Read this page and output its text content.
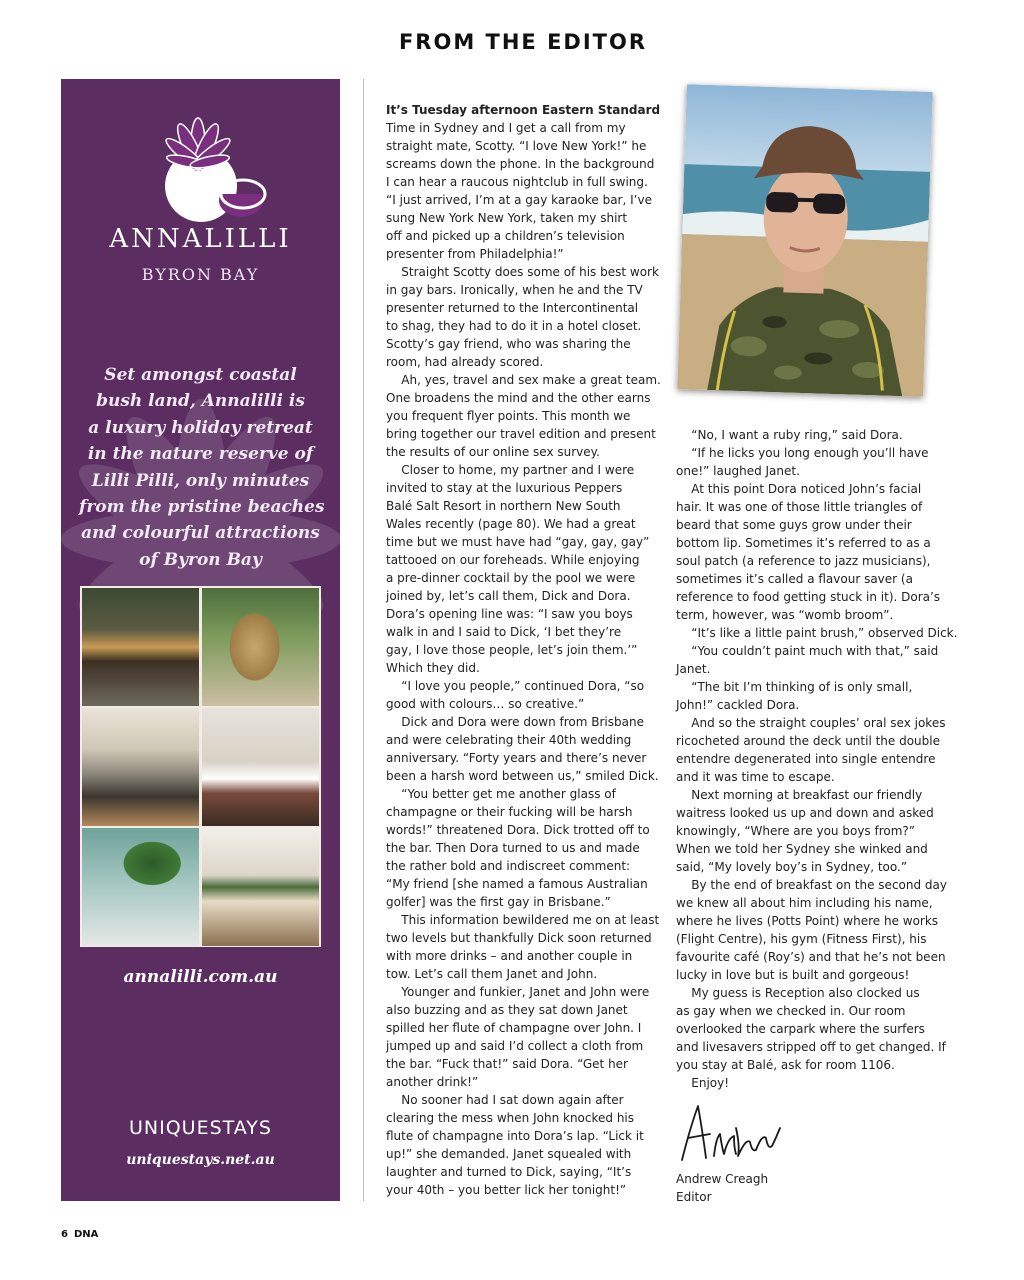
FROM THE EDITOR
ANNALILLI
BYRON BAY
Set amongst coastal
bush land, Annalilli is
a luxury holiday retreat
in the nature reserve of
Lilli Pilli, only minutes
from the pristine beaches
and colourful attractions
of Byron Bay
annalilli.com.au
UNIQUESTAYS
uniquestays.net.au

It’s Tuesday afternoon Eastern Standard

Time in Sydney and I get a call from my

straight mate, Scotty. “I love New York!” he

screams down the phone. In the background

I can hear a raucous nightclub in full swing.

“I just arrived, I’m at a gay karaoke bar, I’ve

sung New York New York, taken my shirt

off and picked up a children’s television

presenter from Philadelphia!”

Straight Scotty does some of his best work

in gay bars. Ironically, when he and the TV

presenter returned to the Intercontinental

to shag, they had to do it in a hotel closet.

Scotty’s gay friend, who was sharing the

room, had already scored.

Ah, yes, travel and sex make a great team.

One broadens the mind and the other earns

you frequent flyer points. This month we

bring together our travel edition and present

the results of our online sex survey.

Closer to home, my partner and I were

invited to stay at the luxurious Peppers

Balé Salt Resort in northern New South

Wales recently (page 80). We had a great

time but we must have had “gay, gay, gay”

tattooed on our foreheads. While enjoying

a pre-dinner cocktail by the pool we were

joined by, let’s call them, Dick and Dora.

Dora’s opening line was: “I saw you boys

walk in and I said to Dick, ‘I bet they’re

gay, I love those people, let’s join them.’”

Which they did.

“I love you people,” continued Dora, “so

good with colours… so creative.”

Dick and Dora were down from Brisbane

and were celebrating their 40th wedding

anniversary. “Forty years and there’s never

been a harsh word between us,” smiled Dick.

“You better get me another glass of

champagne or their fucking will be harsh

words!” threatened Dora. Dick trotted off to

the bar. Then Dora turned to us and made

the rather bold and indiscreet comment:

“My friend [she named a famous Australian

golfer] was the first gay in Brisbane.”

This information bewildered me on at least

two levels but thankfully Dick soon returned

with more drinks – and another couple in

tow. Let’s call them Janet and John.

Younger and funkier, Janet and John were

also buzzing and as they sat down Janet

spilled her flute of champagne over John. I

jumped up and said I’d collect a cloth from

the bar. “Fuck that!” said Dora. “Get her

another drink!”

No sooner had I sat down again after

clearing the mess when John knocked his

flute of champagne into Dora’s lap. “Lick it

up!” she demanded. Janet squealed with

laughter and turned to Dick, saying, “It’s

your 40th – you better lick her tonight!”

“No, I want a ruby ring,” said Dora.

“If he licks you long enough you’ll have

one!” laughed Janet.

At this point Dora noticed John’s facial

hair. It was one of those little triangles of

beard that some guys grow under their

bottom lip. Sometimes it’s referred to as a

soul patch (a reference to jazz musicians),

sometimes it’s called a flavour saver (a

reference to food getting stuck in it). Dora’s

term, however, was “womb broom”.

“It’s like a little paint brush,” observed Dick.

“You couldn’t paint much with that,” said

Janet.

“The bit I’m thinking of is only small,

John!” cackled Dora.

And so the straight couples’ oral sex jokes

ricocheted around the deck until the double

entendre degenerated into single entendre

and it was time to escape.

Next morning at breakfast our friendly

waitress looked us up and down and asked

knowingly, “Where are you boys from?”

When we told her Sydney she winked and

said, “My lovely boy’s in Sydney, too.”

By the end of breakfast on the second day

we knew all about him including his name,

where he lives (Potts Point) where he works

(Flight Centre), his gym (Fitness First), his

favourite café (Roy’s) and that he’s not been

lucky in love but is built and gorgeous!

My guess is Reception also clocked us

as gay when we checked in. Our room

overlooked the carpark where the surfers

and livesavers stripped off to get changed. If

you stay at Balé, ask for room 1106.

Enjoy!

Andrew Creagh

Editor

6 DNA
